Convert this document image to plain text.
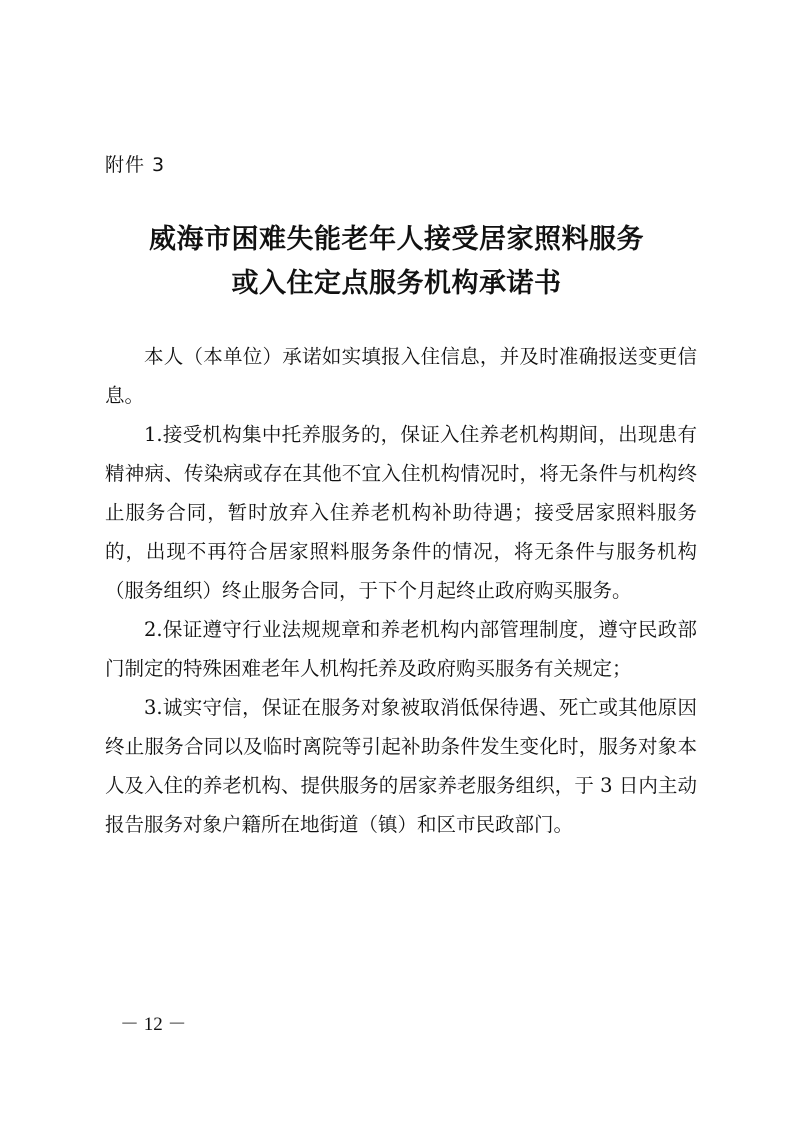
附件 3
威海市困难失能老年人接受居家照料服务
或入住定点服务机构承诺书

本人（本单位）承诺如实填报入住信息，并及时准确报送变更信息。

1.接受机构集中托养服务的，保证入住养老机构期间，出现患有精神病、传染病或存在其他不宜入住机构情况时，将无条件与机构终止服务合同，暂时放弃入住养老机构补助待遇；接受居家照料服务的，出现不再符合居家照料服务条件的情况，将无条件与服务机构（服务组织）终止服务合同，于下个月起终止政府购买服务。

2.保证遵守行业法规规章和养老机构内部管理制度，遵守民政部门制定的特殊困难老年人机构托养及政府购买服务有关规定；

3.诚实守信，保证在服务对象被取消低保待遇、死亡或其他原因终止服务合同以及临时离院等引起补助条件发生变化时，服务对象本人及入住的养老机构、提供服务的居家养老服务组织，于 3 日内主动报告服务对象户籍所在地街道（镇）和区市民政部门。

－ 12 －
